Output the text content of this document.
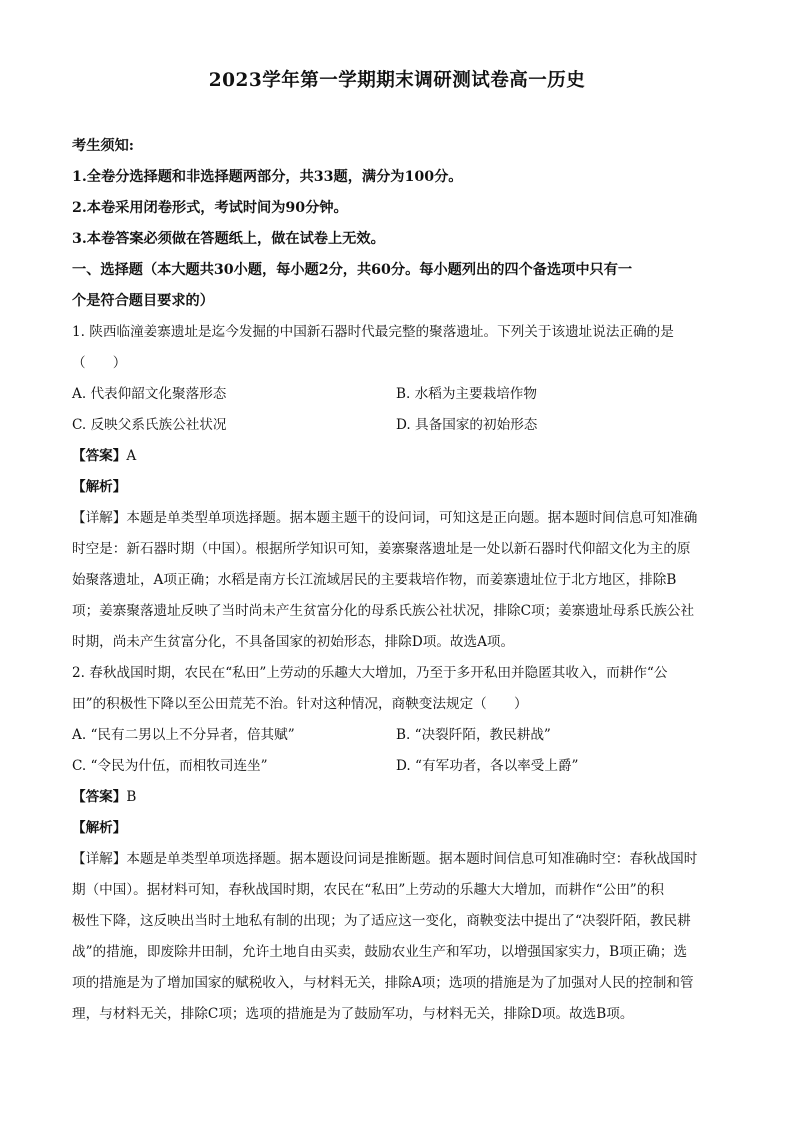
2023学年第一学期期末调研测试卷高一历史
考生须知:
1.全卷分选择题和非选择题两部分，共33题，满分为100分。
2.本卷采用闭卷形式，考试时间为90分钟。
3.本卷答案必须做在答题纸上，做在试卷上无效。
一、选择题（本大题共30小题，每小题2分，共60分。每小题列出的四个备选项中只有一
个是符合题目要求的）
1. 陕西临潼姜寨遗址是迄今发掘的中国新石器时代最完整的聚落遗址。下列关于该遗址说法正确的是
（　　）
A. 代表仰韶文化聚落形态	B. 水稻为主要栽培作物
C. 反映父系氏族公社状况	D. 具备国家的初始形态
【答案】A
【解析】
【详解】本题是单类型单项选择题。据本题主题干的设问词，可知这是正向题。据本题时间信息可知准确
时空是：新石器时期（中国）。根据所学知识可知，姜寨聚落遗址是一处以新石器时代仰韶文化为主的原
始聚落遗址，A项正确；水稻是南方长江流域居民的主要栽培作物，而姜寨遗址位于北方地区，排除B
项；姜寨聚落遗址反映了当时尚未产生贫富分化的母系氏族公社状况，排除C项；姜寨遗址母系氏族公社
时期，尚未产生贫富分化，不具备国家的初始形态，排除D项。故选A项。
2. 春秋战国时期，农民在“私田”上劳动的乐趣大大增加，乃至于多开私田并隐匿其收入，而耕作“公
田”的积极性下降以至公田荒芜不治。针对这种情况，商鞅变法规定（　　）
A. “民有二男以上不分异者，倍其赋”	B. “决裂阡陌，教民耕战”
C. “令民为什伍，而相牧司连坐”	D. “有军功者，各以率受上爵”
【答案】B
【解析】
【详解】本题是单类型单项选择题。据本题设问词是推断题。据本题时间信息可知准确时空：春秋战国时
期（中国）。据材料可知，春秋战国时期，农民在“私田”上劳动的乐趣大大增加，而耕作“公田”的积
极性下降，这反映出当时土地私有制的出现；为了适应这一变化，商鞅变法中提出了“决裂阡陌，教民耕
战”的措施，即废除井田制，允许土地自由买卖，鼓励农业生产和军功，以增强国家实力，B项正确；选
项的措施是为了增加国家的赋税收入，与材料无关，排除A项；选项的措施是为了加强对人民的控制和管
理，与材料无关，排除C项；选项的措施是为了鼓励军功，与材料无关，排除D项。故选B项。
